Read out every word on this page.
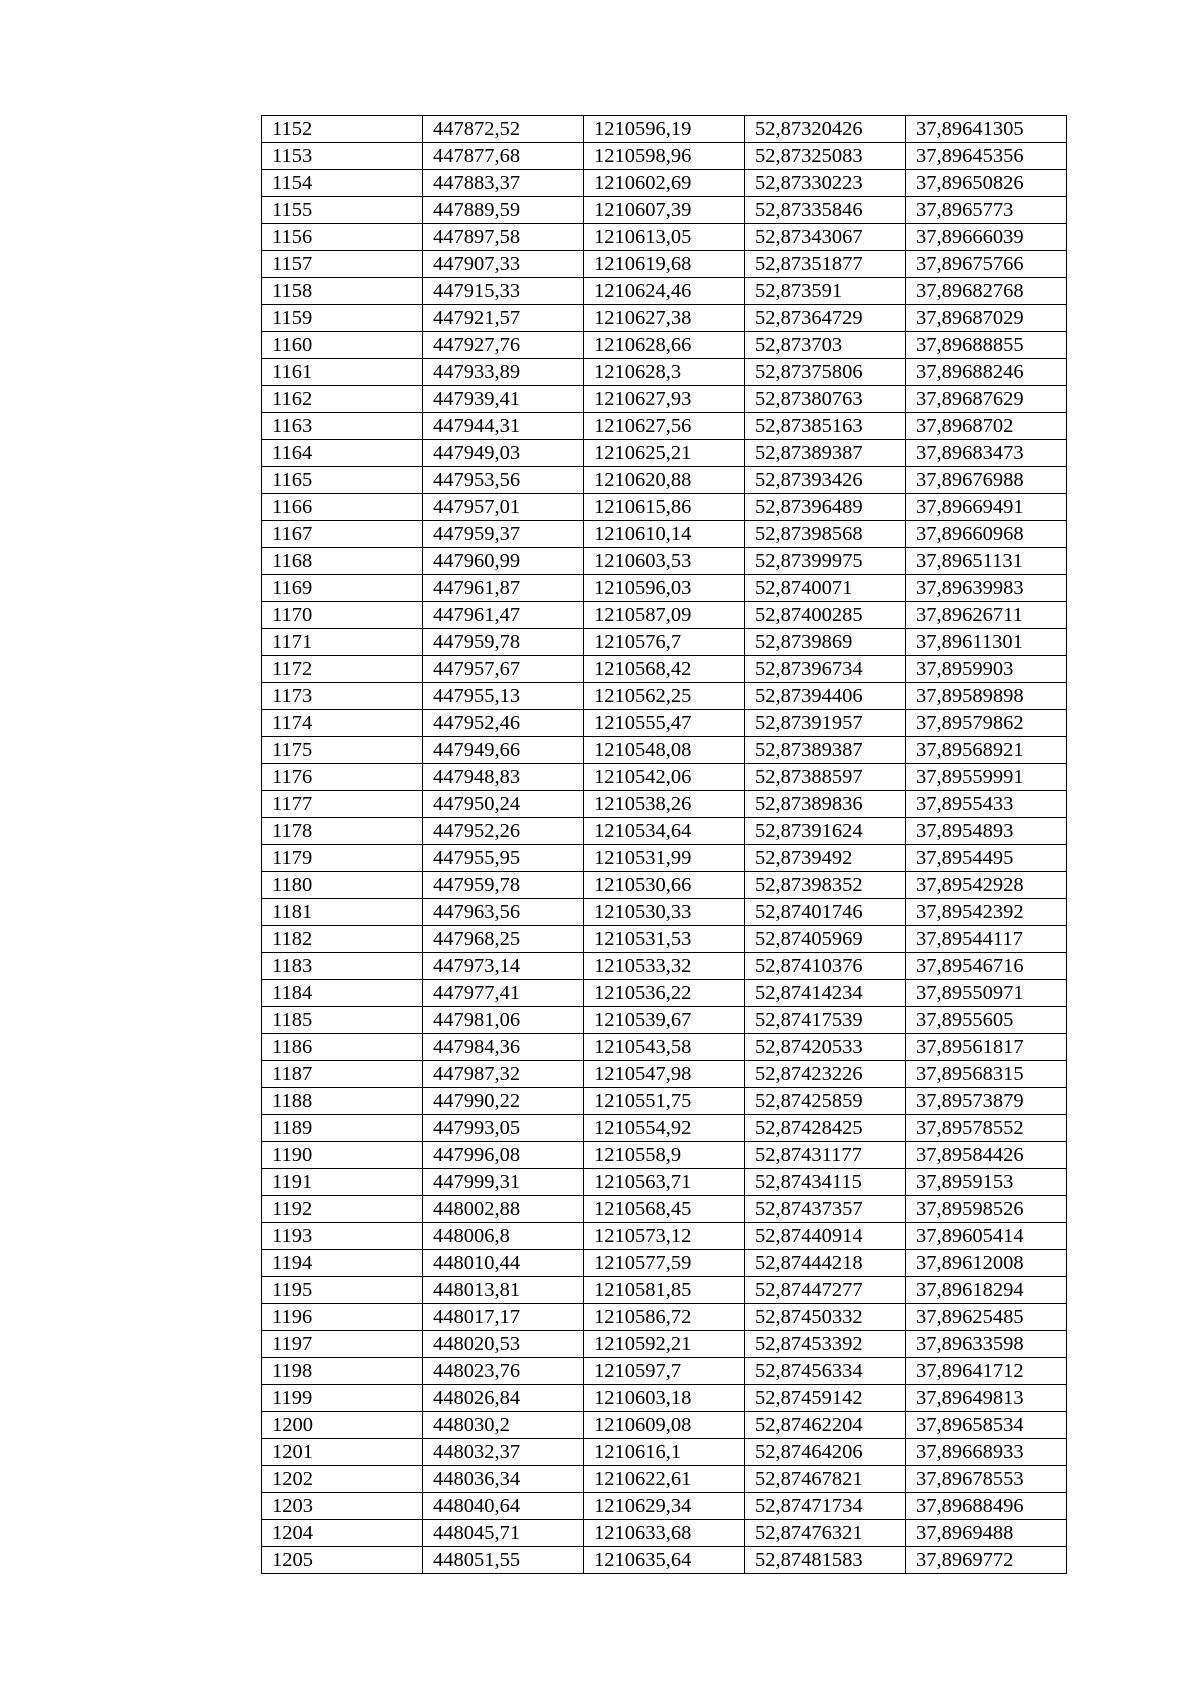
1152	447872,52	1210596,19	52,87320426	37,89641305
1153	447877,68	1210598,96	52,87325083	37,89645356
1154	447883,37	1210602,69	52,87330223	37,89650826
1155	447889,59	1210607,39	52,87335846	37,8965773
1156	447897,58	1210613,05	52,87343067	37,89666039
1157	447907,33	1210619,68	52,87351877	37,89675766
1158	447915,33	1210624,46	52,873591	37,89682768
1159	447921,57	1210627,38	52,87364729	37,89687029
1160	447927,76	1210628,66	52,873703	37,89688855
1161	447933,89	1210628,3	52,87375806	37,89688246
1162	447939,41	1210627,93	52,87380763	37,89687629
1163	447944,31	1210627,56	52,87385163	37,8968702
1164	447949,03	1210625,21	52,87389387	37,89683473
1165	447953,56	1210620,88	52,87393426	37,89676988
1166	447957,01	1210615,86	52,87396489	37,89669491
1167	447959,37	1210610,14	52,87398568	37,89660968
1168	447960,99	1210603,53	52,87399975	37,89651131
1169	447961,87	1210596,03	52,8740071	37,89639983
1170	447961,47	1210587,09	52,87400285	37,89626711
1171	447959,78	1210576,7	52,8739869	37,89611301
1172	447957,67	1210568,42	52,87396734	37,8959903
1173	447955,13	1210562,25	52,87394406	37,89589898
1174	447952,46	1210555,47	52,87391957	37,89579862
1175	447949,66	1210548,08	52,87389387	37,89568921
1176	447948,83	1210542,06	52,87388597	37,89559991
1177	447950,24	1210538,26	52,87389836	37,8955433
1178	447952,26	1210534,64	52,87391624	37,8954893
1179	447955,95	1210531,99	52,8739492	37,8954495
1180	447959,78	1210530,66	52,87398352	37,89542928
1181	447963,56	1210530,33	52,87401746	37,89542392
1182	447968,25	1210531,53	52,87405969	37,89544117
1183	447973,14	1210533,32	52,87410376	37,89546716
1184	447977,41	1210536,22	52,87414234	37,89550971
1185	447981,06	1210539,67	52,87417539	37,8955605
1186	447984,36	1210543,58	52,87420533	37,89561817
1187	447987,32	1210547,98	52,87423226	37,89568315
1188	447990,22	1210551,75	52,87425859	37,89573879
1189	447993,05	1210554,92	52,87428425	37,89578552
1190	447996,08	1210558,9	52,87431177	37,89584426
1191	447999,31	1210563,71	52,87434115	37,8959153
1192	448002,88	1210568,45	52,87437357	37,89598526
1193	448006,8	1210573,12	52,87440914	37,89605414
1194	448010,44	1210577,59	52,87444218	37,89612008
1195	448013,81	1210581,85	52,87447277	37,89618294
1196	448017,17	1210586,72	52,87450332	37,89625485
1197	448020,53	1210592,21	52,87453392	37,89633598
1198	448023,76	1210597,7	52,87456334	37,89641712
1199	448026,84	1210603,18	52,87459142	37,89649813
1200	448030,2	1210609,08	52,87462204	37,89658534
1201	448032,37	1210616,1	52,87464206	37,89668933
1202	448036,34	1210622,61	52,87467821	37,89678553
1203	448040,64	1210629,34	52,87471734	37,89688496
1204	448045,71	1210633,68	52,87476321	37,8969488
1205	448051,55	1210635,64	52,87481583	37,8969772
